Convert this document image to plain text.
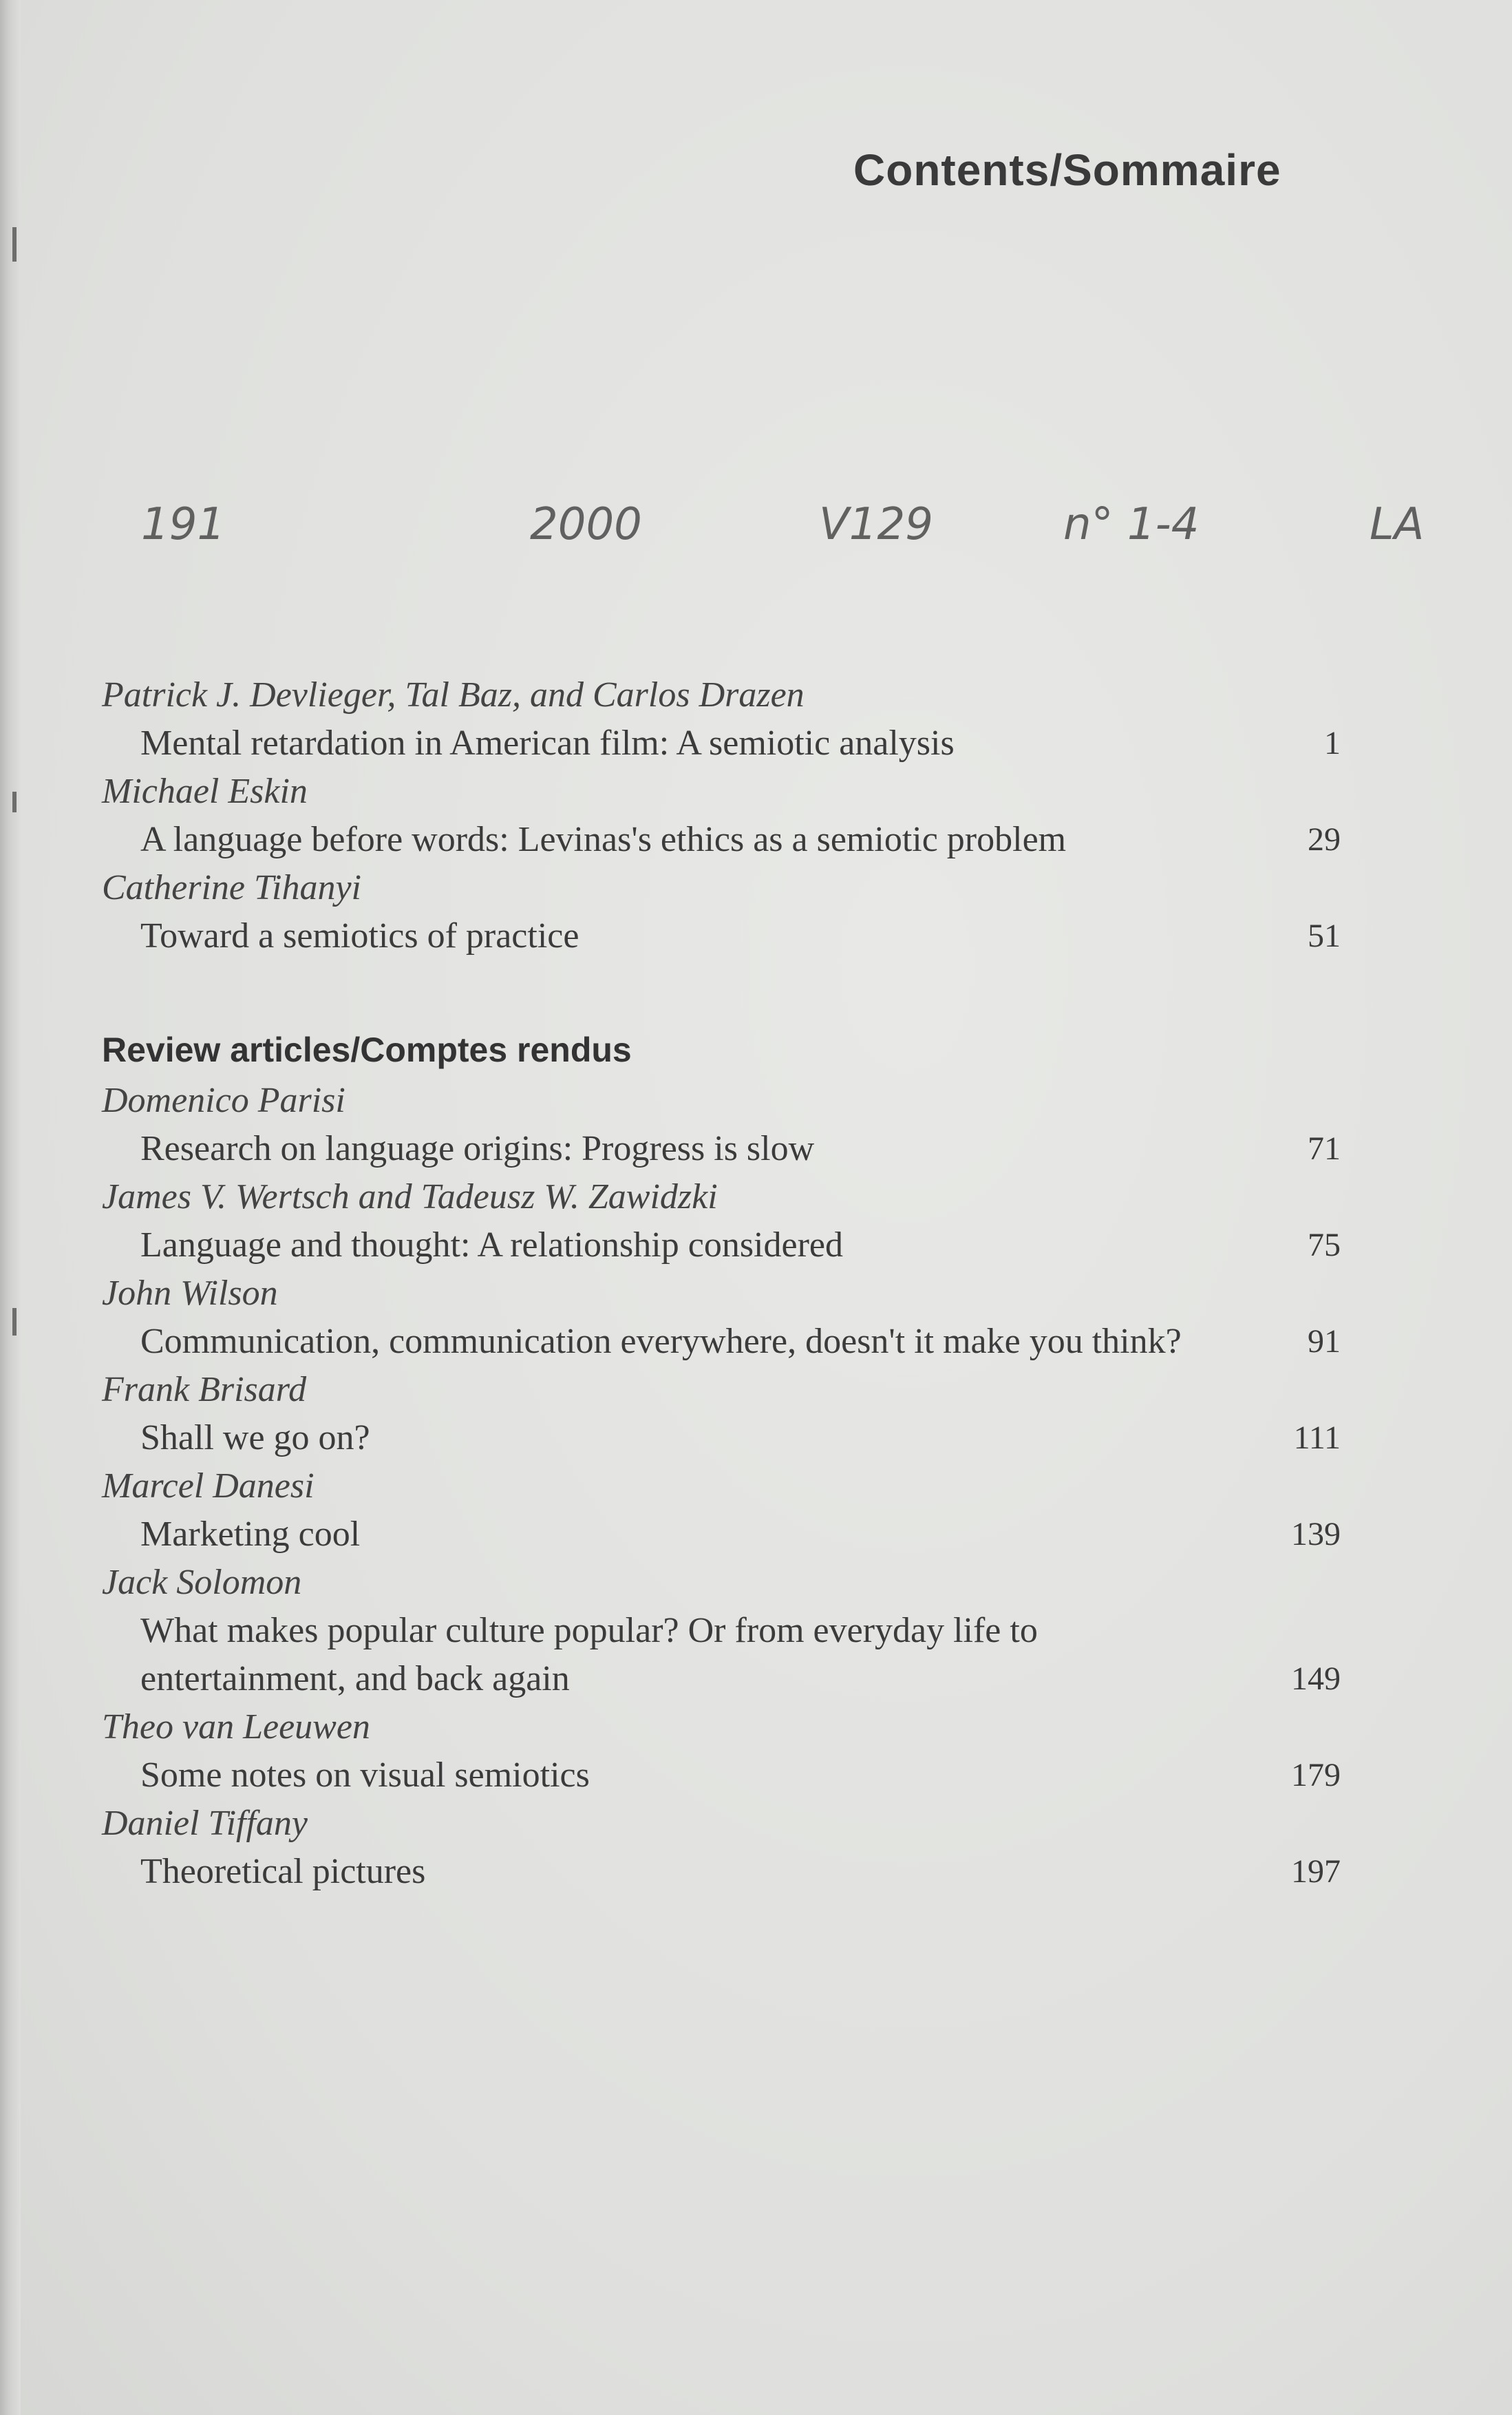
Contents/Sommaire
191	2000	V129	n° 1-4	LA
Patrick J. Devlieger, Tal Baz, and Carlos Drazen
Mental retardation in American film: A semiotic analysis	1
Michael Eskin
A language before words: Levinas's ethics as a semiotic problem	29
Catherine Tihanyi
Toward a semiotics of practice	51
Review articles/Comptes rendus
Domenico Parisi
Research on language origins: Progress is slow	71
James V. Wertsch and Tadeusz W. Zawidzki
Language and thought: A relationship considered	75
John Wilson
Communication, communication everywhere, doesn't it make you think?	91
Frank Brisard
Shall we go on?	111
Marcel Danesi
Marketing cool	139
Jack Solomon
What makes popular culture popular? Or from everyday life to entertainment, and back again	149
Theo van Leeuwen
Some notes on visual semiotics	179
Daniel Tiffany
Theoretical pictures	197
